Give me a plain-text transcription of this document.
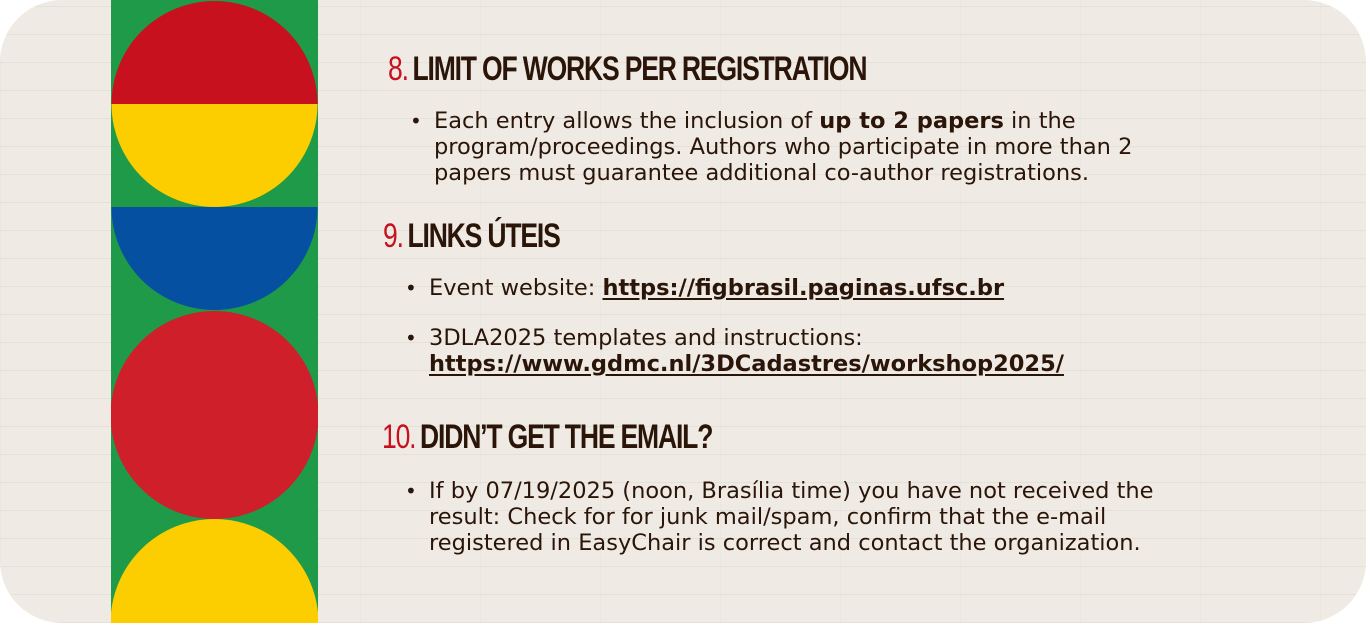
8. LIMIT OF WORKS PER REGISTRATION
• Each entry allows the inclusion of up to 2 papers in the
program/proceedings. Authors who participate in more than 2
papers must guarantee additional co-author registrations.
9. LINKS ÚTEIS
• Event website: https://figbrasil.paginas.ufsc.br
• 3DLA2025 templates and instructions:
https://www.gdmc.nl/3DCadastres/workshop2025/
10. DIDN’T GET THE EMAIL?
• If by 07/19/2025 (noon, Brasília time) you have not received the
result: Check for for junk mail/spam, confirm that the e-mail
registered in EasyChair is correct and contact the organization.
